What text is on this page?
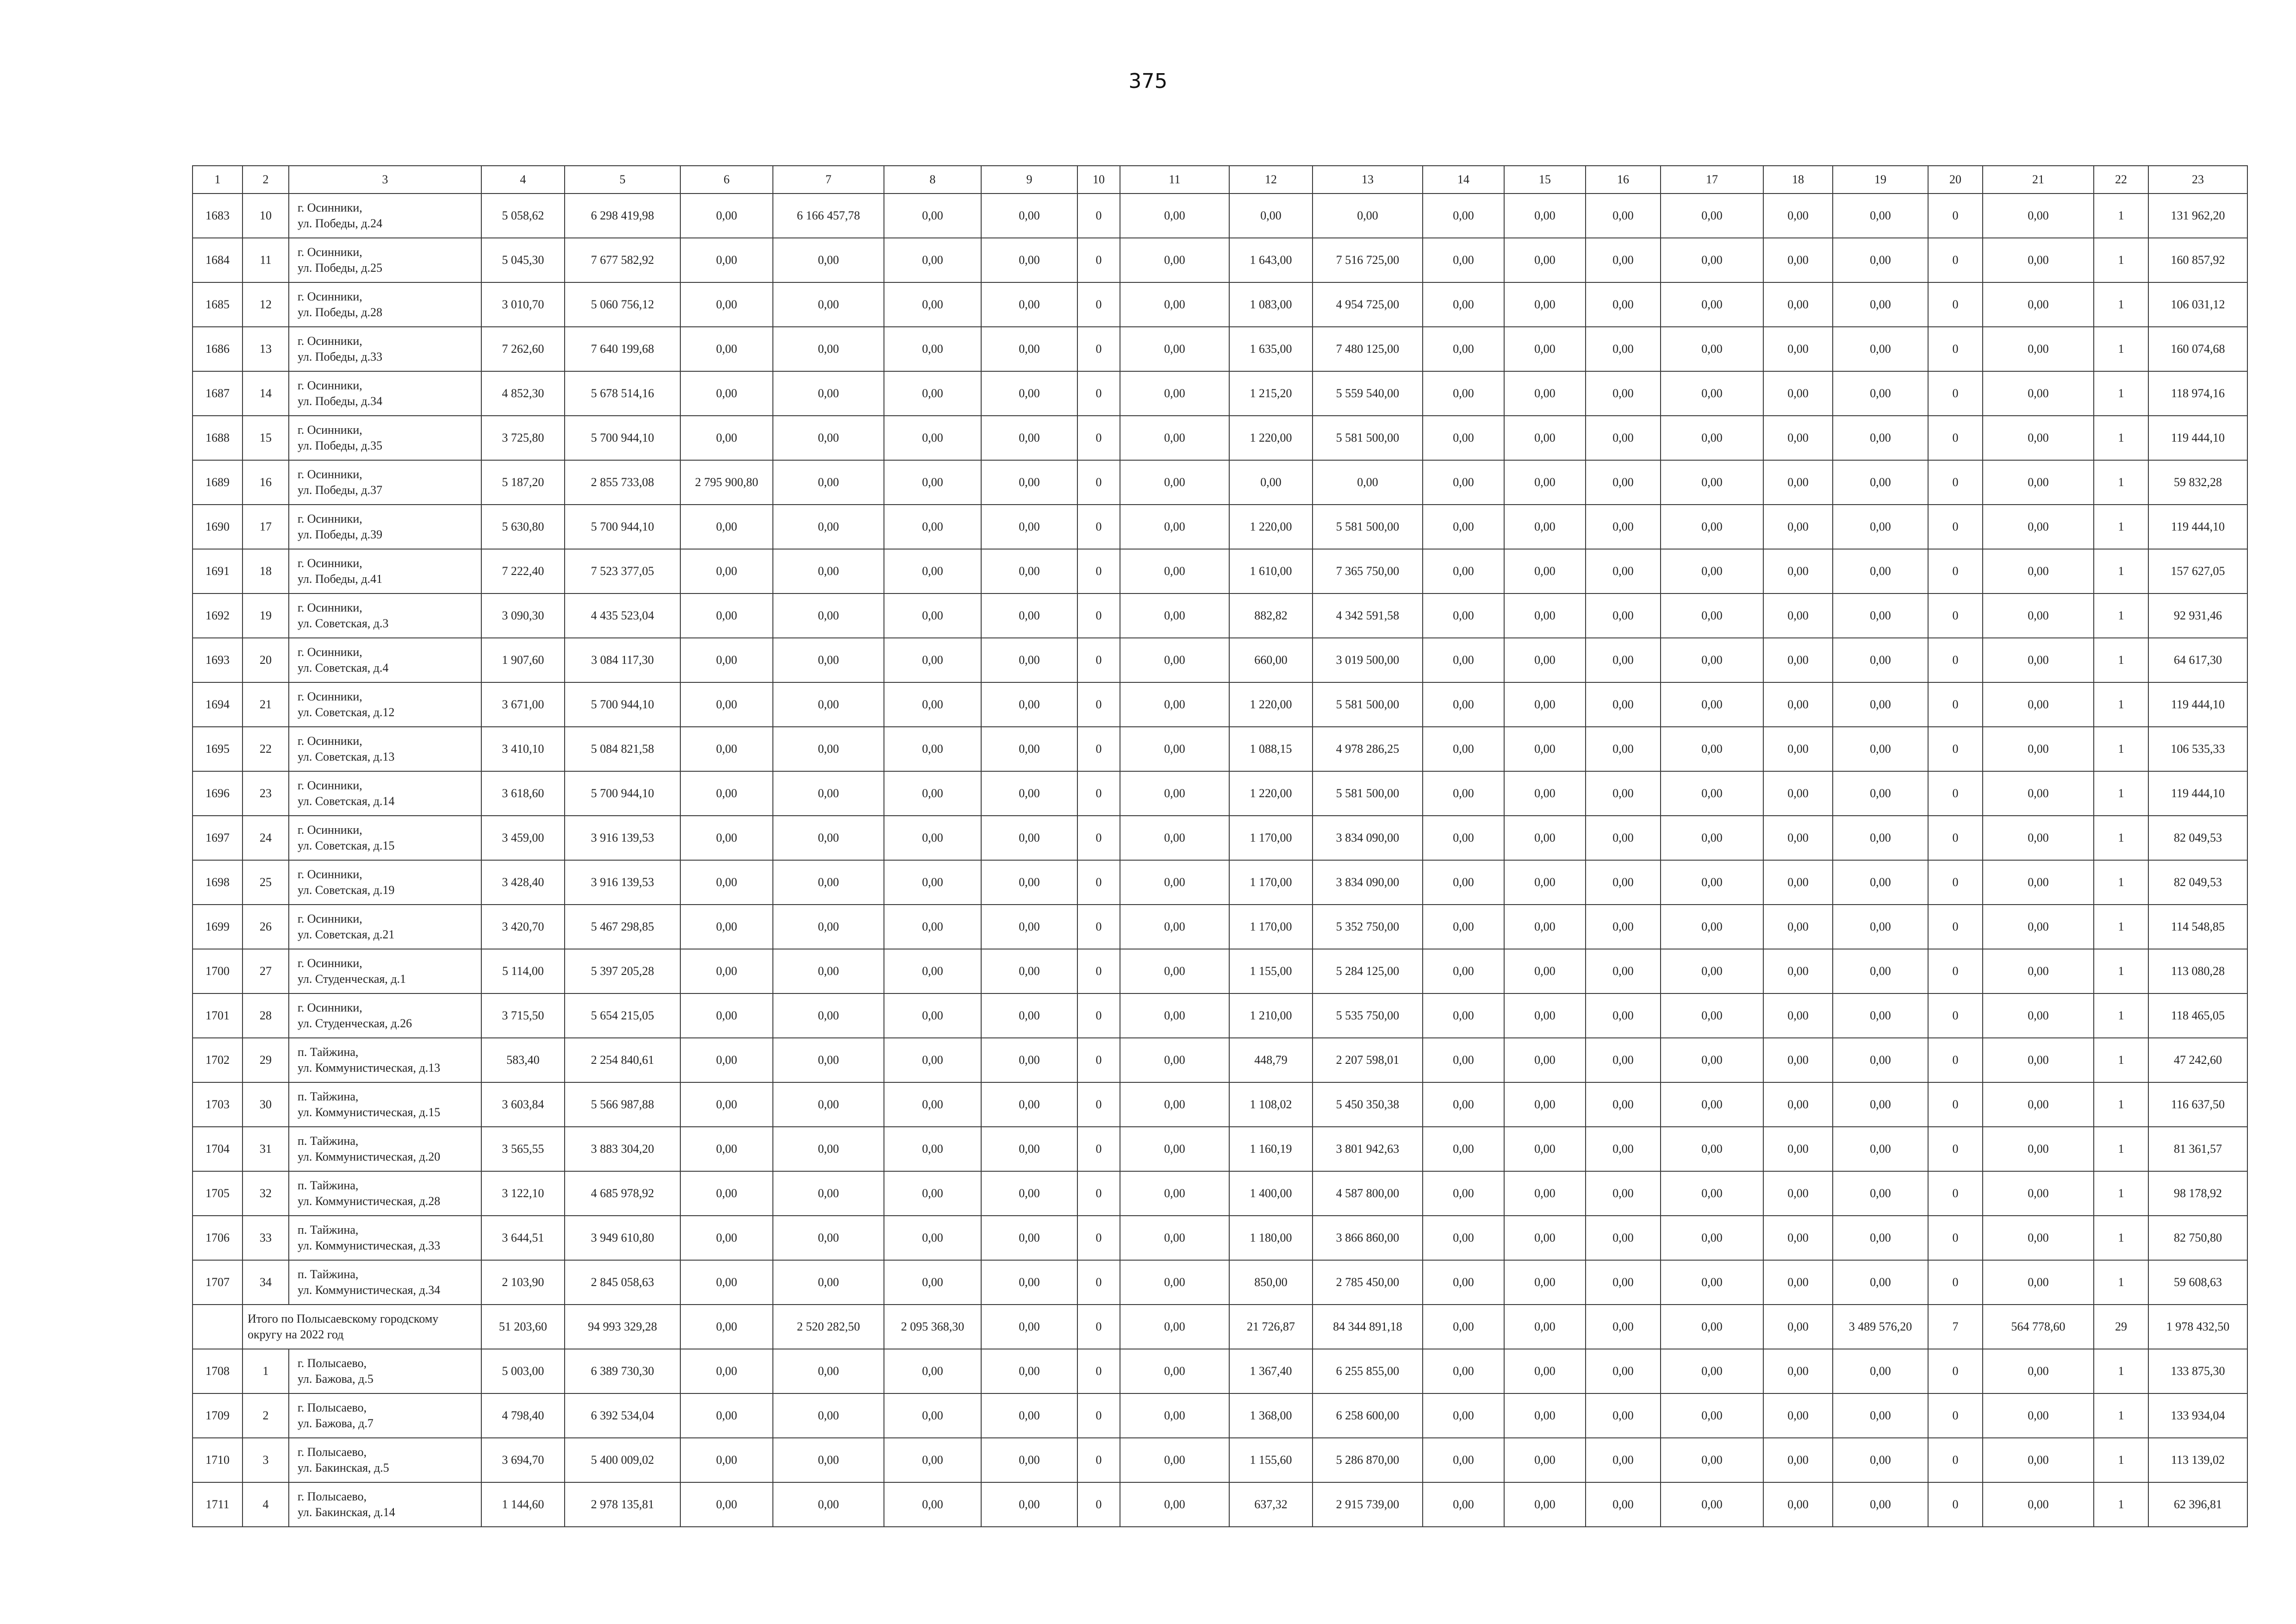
375
1	2	3	4	5	6	7	8	9	10	11	12	13	14	15	16	17	18	19	20	21	22	23
1683	10	г. Осинники,
ул. Победы, д.24	5 058,62	6 298 419,98	0,00	6 166 457,78	0,00	0,00	0	0,00	0,00	0,00	0,00	0,00	0,00	0,00	0,00	0,00	0	0,00	1	131 962,20
1684	11	г. Осинники,
ул. Победы, д.25	5 045,30	7 677 582,92	0,00	0,00	0,00	0,00	0	0,00	1 643,00	7 516 725,00	0,00	0,00	0,00	0,00	0,00	0,00	0	0,00	1	160 857,92
1685	12	г. Осинники,
ул. Победы, д.28	3 010,70	5 060 756,12	0,00	0,00	0,00	0,00	0	0,00	1 083,00	4 954 725,00	0,00	0,00	0,00	0,00	0,00	0,00	0	0,00	1	106 031,12
1686	13	г. Осинники,
ул. Победы, д.33	7 262,60	7 640 199,68	0,00	0,00	0,00	0,00	0	0,00	1 635,00	7 480 125,00	0,00	0,00	0,00	0,00	0,00	0,00	0	0,00	1	160 074,68
1687	14	г. Осинники,
ул. Победы, д.34	4 852,30	5 678 514,16	0,00	0,00	0,00	0,00	0	0,00	1 215,20	5 559 540,00	0,00	0,00	0,00	0,00	0,00	0,00	0	0,00	1	118 974,16
1688	15	г. Осинники,
ул. Победы, д.35	3 725,80	5 700 944,10	0,00	0,00	0,00	0,00	0	0,00	1 220,00	5 581 500,00	0,00	0,00	0,00	0,00	0,00	0,00	0	0,00	1	119 444,10
1689	16	г. Осинники,
ул. Победы, д.37	5 187,20	2 855 733,08	2 795 900,80	0,00	0,00	0,00	0	0,00	0,00	0,00	0,00	0,00	0,00	0,00	0,00	0,00	0	0,00	1	59 832,28
1690	17	г. Осинники,
ул. Победы, д.39	5 630,80	5 700 944,10	0,00	0,00	0,00	0,00	0	0,00	1 220,00	5 581 500,00	0,00	0,00	0,00	0,00	0,00	0,00	0	0,00	1	119 444,10
1691	18	г. Осинники,
ул. Победы, д.41	7 222,40	7 523 377,05	0,00	0,00	0,00	0,00	0	0,00	1 610,00	7 365 750,00	0,00	0,00	0,00	0,00	0,00	0,00	0	0,00	1	157 627,05
1692	19	г. Осинники,
ул. Советская, д.3	3 090,30	4 435 523,04	0,00	0,00	0,00	0,00	0	0,00	882,82	4 342 591,58	0,00	0,00	0,00	0,00	0,00	0,00	0	0,00	1	92 931,46
1693	20	г. Осинники,
ул. Советская, д.4	1 907,60	3 084 117,30	0,00	0,00	0,00	0,00	0	0,00	660,00	3 019 500,00	0,00	0,00	0,00	0,00	0,00	0,00	0	0,00	1	64 617,30
1694	21	г. Осинники,
ул. Советская, д.12	3 671,00	5 700 944,10	0,00	0,00	0,00	0,00	0	0,00	1 220,00	5 581 500,00	0,00	0,00	0,00	0,00	0,00	0,00	0	0,00	1	119 444,10
1695	22	г. Осинники,
ул. Советская, д.13	3 410,10	5 084 821,58	0,00	0,00	0,00	0,00	0	0,00	1 088,15	4 978 286,25	0,00	0,00	0,00	0,00	0,00	0,00	0	0,00	1	106 535,33
1696	23	г. Осинники,
ул. Советская, д.14	3 618,60	5 700 944,10	0,00	0,00	0,00	0,00	0	0,00	1 220,00	5 581 500,00	0,00	0,00	0,00	0,00	0,00	0,00	0	0,00	1	119 444,10
1697	24	г. Осинники,
ул. Советская, д.15	3 459,00	3 916 139,53	0,00	0,00	0,00	0,00	0	0,00	1 170,00	3 834 090,00	0,00	0,00	0,00	0,00	0,00	0,00	0	0,00	1	82 049,53
1698	25	г. Осинники,
ул. Советская, д.19	3 428,40	3 916 139,53	0,00	0,00	0,00	0,00	0	0,00	1 170,00	3 834 090,00	0,00	0,00	0,00	0,00	0,00	0,00	0	0,00	1	82 049,53
1699	26	г. Осинники,
ул. Советская, д.21	3 420,70	5 467 298,85	0,00	0,00	0,00	0,00	0	0,00	1 170,00	5 352 750,00	0,00	0,00	0,00	0,00	0,00	0,00	0	0,00	1	114 548,85
1700	27	г. Осинники,
ул. Студенческая, д.1	5 114,00	5 397 205,28	0,00	0,00	0,00	0,00	0	0,00	1 155,00	5 284 125,00	0,00	0,00	0,00	0,00	0,00	0,00	0	0,00	1	113 080,28
1701	28	г. Осинники,
ул. Студенческая, д.26	3 715,50	5 654 215,05	0,00	0,00	0,00	0,00	0	0,00	1 210,00	5 535 750,00	0,00	0,00	0,00	0,00	0,00	0,00	0	0,00	1	118 465,05
1702	29	п. Тайжина,
ул. Коммунистическая, д.13	583,40	2 254 840,61	0,00	0,00	0,00	0,00	0	0,00	448,79	2 207 598,01	0,00	0,00	0,00	0,00	0,00	0,00	0	0,00	1	47 242,60
1703	30	п. Тайжина,
ул. Коммунистическая, д.15	3 603,84	5 566 987,88	0,00	0,00	0,00	0,00	0	0,00	1 108,02	5 450 350,38	0,00	0,00	0,00	0,00	0,00	0,00	0	0,00	1	116 637,50
1704	31	п. Тайжина,
ул. Коммунистическая, д.20	3 565,55	3 883 304,20	0,00	0,00	0,00	0,00	0	0,00	1 160,19	3 801 942,63	0,00	0,00	0,00	0,00	0,00	0,00	0	0,00	1	81 361,57
1705	32	п. Тайжина,
ул. Коммунистическая, д.28	3 122,10	4 685 978,92	0,00	0,00	0,00	0,00	0	0,00	1 400,00	4 587 800,00	0,00	0,00	0,00	0,00	0,00	0,00	0	0,00	1	98 178,92
1706	33	п. Тайжина,
ул. Коммунистическая, д.33	3 644,51	3 949 610,80	0,00	0,00	0,00	0,00	0	0,00	1 180,00	3 866 860,00	0,00	0,00	0,00	0,00	0,00	0,00	0	0,00	1	82 750,80
1707	34	п. Тайжина,
ул. Коммунистическая, д.34	2 103,90	2 845 058,63	0,00	0,00	0,00	0,00	0	0,00	850,00	2 785 450,00	0,00	0,00	0,00	0,00	0,00	0,00	0	0,00	1	59 608,63
	Итого по Полысаевскому городскому
округу на 2022 год		51 203,60	94 993 329,28	0,00	2 520 282,50	2 095 368,30	0,00	0	0,00	21 726,87	84 344 891,18	0,00	0,00	0,00	0,00	0,00	3 489 576,20	7	564 778,60	29	1 978 432,50
1708	1	г. Полысаево,
ул. Бажова, д.5	5 003,00	6 389 730,30	0,00	0,00	0,00	0,00	0	0,00	1 367,40	6 255 855,00	0,00	0,00	0,00	0,00	0,00	0,00	0	0,00	1	133 875,30
1709	2	г. Полысаево,
ул. Бажова, д.7	4 798,40	6 392 534,04	0,00	0,00	0,00	0,00	0	0,00	1 368,00	6 258 600,00	0,00	0,00	0,00	0,00	0,00	0,00	0	0,00	1	133 934,04
1710	3	г. Полысаево,
ул. Бакинская, д.5	3 694,70	5 400 009,02	0,00	0,00	0,00	0,00	0	0,00	1 155,60	5 286 870,00	0,00	0,00	0,00	0,00	0,00	0,00	0	0,00	1	113 139,02
1711	4	г. Полысаево,
ул. Бакинская, д.14	1 144,60	2 978 135,81	0,00	0,00	0,00	0,00	0	0,00	637,32	2 915 739,00	0,00	0,00	0,00	0,00	0,00	0,00	0	0,00	1	62 396,81
